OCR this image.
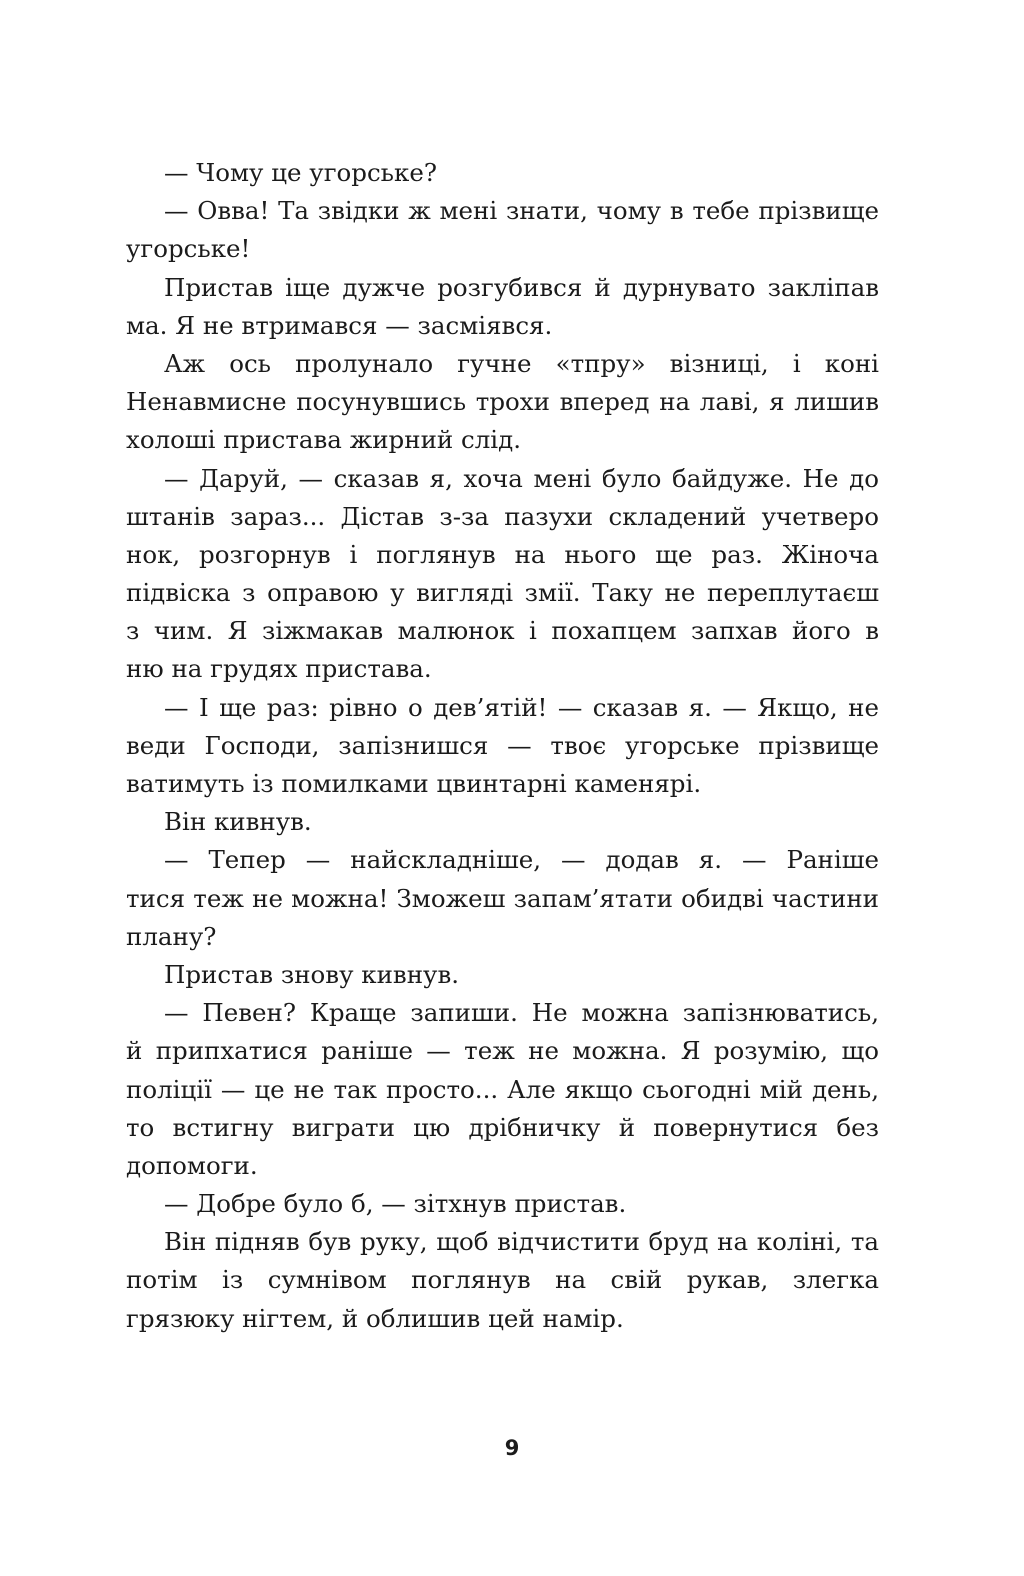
— Чому це угорське?
— Овва! Та звідки ж мені знати, чому в тебе прізвище
угорське!
Пристав іще дужче розгубився й дурнувато закліпав
ма. Я не втримався — засміявся.
Аж ось пролунало гучне «тпру» візниці, і коні
Ненавмисне посунувшись трохи вперед на лаві, я лишив
холоші пристава жирний слід.
— Даруй, — сказав я, хоча мені було байдуже. Не до
штанів зараз... Дістав з-за пазухи складений учетверо
нок, розгорнув і поглянув на нього ще раз. Жіноча
підвіска з оправою у вигляді змії. Таку не переплутаєш
з чим. Я зіжмакав малюнок і похапцем запхав його в
ню на грудях пристава.
— І ще раз: рівно о дев’ятій! — сказав я. — Якщо, не
веди Господи, запізнишся — твоє угорське прізвище
ватимуть із помилками цвинтарні каменярі.
Він кивнув.
— Тепер — найскладніше, — додав я. — Раніше
тися теж не можна! Зможеш запам’ятати обидві частини
плану?
Пристав знову кивнув.
— Певен? Краще запиши. Не можна запізнюватись,
й припхатися раніше — теж не можна. Я розумію, що
поліції — це не так просто... Але якщо сьогодні мій день,
то встигну виграти цю дрібничку й повернутися без
допомоги.
— Добре було б, — зітхнув пристав.
Він підняв був руку, щоб відчистити бруд на коліні, та
потім із сумнівом поглянув на свій рукав, злегка
грязюку нігтем, й облишив цей намір.
9
